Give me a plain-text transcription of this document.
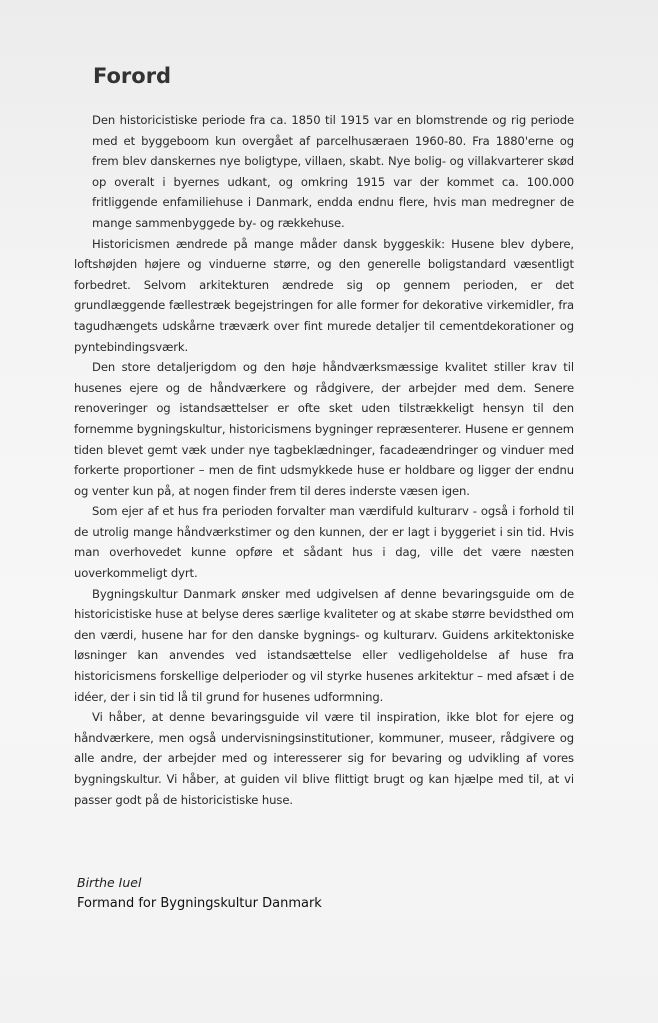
Forord

Den historicistiske periode fra ca. 1850 til 1915 var en blomstrende og rig periode med et byggeboom kun overgået af parcelhusæraen 1960-80. Fra 1880'erne og frem blev danskernes nye boligtype, villaen, skabt. Nye bolig- og villakvarterer skød op overalt i byernes udkant, og omkring 1915 var der kommet ca. 100.000 fritliggende enfamiliehuse i Danmark, endda endnu flere, hvis man medregner de mange sammenbyggede by- og rækkehuse.

Historicismen ændrede på mange måder dansk byggeskik: Husene blev dybere, loftshøjden højere og vinduerne større, og den generelle boligstandard væsentligt forbedret. Selvom arkitekturen ændrede sig op gennem perioden, er det grundlæggende fællestræk begejstringen for alle former for dekorative virkemidler, fra tagudhængets udskårne træværk over fint murede detaljer til cementdekorationer og pyntebindingsværk.

Den store detaljerigdom og den høje håndværksmæssige kvalitet stiller krav til husenes ejere og de håndværkere og rådgivere, der arbejder med dem. Senere renoveringer og istandsættelser er ofte sket uden tilstrækkeligt hensyn til den fornemme bygningskultur, historicismens bygninger repræsenterer. Husene er gennem tiden blevet gemt væk under nye tagbeklædninger, facadeændringer og vinduer med forkerte proportioner – men de fint udsmykkede huse er holdbare og ligger der endnu og venter kun på, at nogen finder frem til deres inderste væsen igen.

Som ejer af et hus fra perioden forvalter man værdifuld kulturarv - også i forhold til de utrolig mange håndværkstimer og den kunnen, der er lagt i byggeriet i sin tid. Hvis man overhovedet kunne opføre et sådant hus i dag, ville det være næsten uoverkommeligt dyrt.

Bygningskultur Danmark ønsker med udgivelsen af denne bevaringsguide om de historicistiske huse at belyse deres særlige kvaliteter og at skabe større bevidsthed om den værdi, husene har for den danske bygnings- og kulturarv. Guidens arkitektoniske løsninger kan anvendes ved istandsættelse eller vedligeholdelse af huse fra historicismens forskellige delperioder og vil styrke husenes arkitektur – med afsæt i de idéer, der i sin tid lå til grund for husenes udformning.

Vi håber, at denne bevaringsguide vil være til inspiration, ikke blot for ejere og håndværkere, men også undervisningsinstitutioner, kommuner, museer, rådgivere og alle andre, der arbejder med og interesserer sig for bevaring og udvikling af vores bygningskultur. Vi håber, at guiden vil blive flittigt brugt og kan hjælpe med til, at vi passer godt på de historicistiske huse.

Birthe Iuel
Formand for Bygningskultur Danmark
